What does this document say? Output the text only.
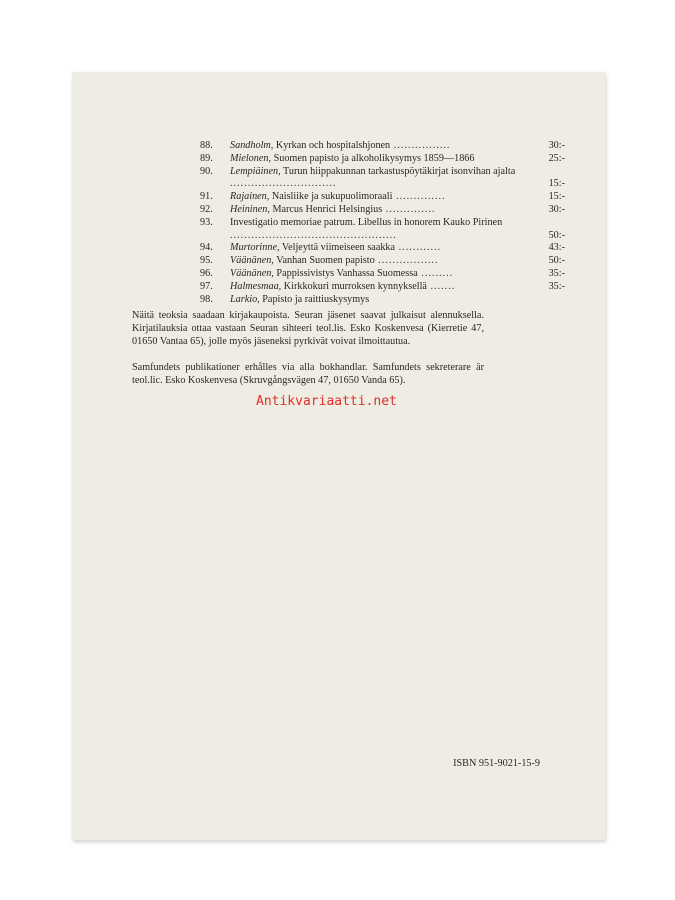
88.	Sandholm, Kyrkan och hospitalshjonen ................	30:-
89.	Mielonen, Suomen papisto ja alkoholikysymys 1859—1866	25:-
90.	Lempiäinen, Turun hiippakunnan tarkastuspöytäkirjat isonvihan ajalta ..............................	15:-
91.	Rajainen, Naisliike ja sukupuolimoraali ..............	15:-
92.	Heininen, Marcus Henrici Helsingius ..............	30:-
93.	Investigatio memoriae patrum. Libellus in honorem Kauko Pirinen ...............................................	50:-
94.	Murtorinne, Veljeyttä viimeiseen saakka ............	43:-
95.	Väänänen, Vanhan Suomen papisto .................	50:-
96.	Väänänen, Pappissivistys Vanhassa Suomessa .........	35:-
97.	Halmesmaa, Kirkkokuri murroksen kynnyksellä .......	35:-
98.	Larkio, Papisto ja raittiuskysymys

Näitä teoksia saadaan kirjakaupoista. Seuran jäsenet saavat julkaisut alennuksella. Kirjatilauksia ottaa vastaan Seuran sihteeri teol.lis. Esko Koskenvesa (Kierretie 47, 01650 Vantaa 65), jolle myös jäseneksi pyrkivät voivat ilmoittautua.

Samfundets publikationer erhålles via alla bokhandlar. Samfundets sekreterare är teol.lic. Esko Koskenvesa (Skruvgångsvägen 47, 01650 Vanda 65).

Antikvariaatti.net
ISBN 951-9021-15-9
